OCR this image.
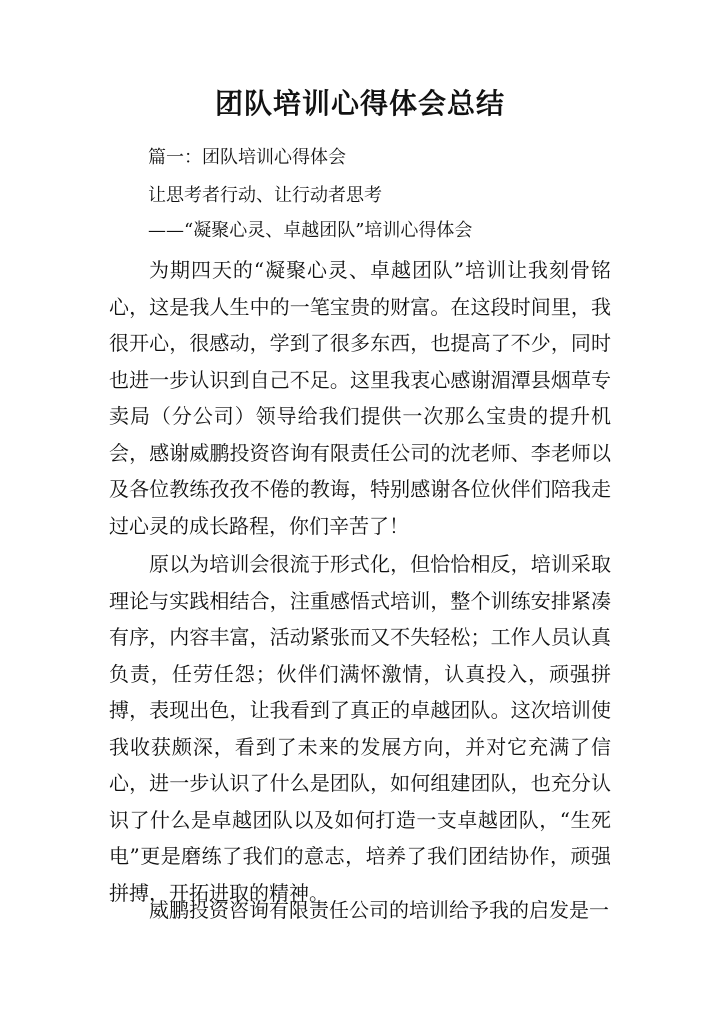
团队培训心得体会总结

篇一：团队培训心得体会

让思考者行动、让行动者思考

——“凝聚心灵、卓越团队”培训心得体会

为期四天的“凝聚心灵、卓越团队”培训让我刻骨铭心，这是我人生中的一笔宝贵的财富。在这段时间里，我很开心，很感动，学到了很多东西，也提高了不少，同时也进一步认识到自己不足。这里我衷心感谢湄潭县烟草专卖局（分公司）领导给我们提供一次那么宝贵的提升机会，感谢威鹏投资咨询有限责任公司的沈老师、李老师以及各位教练孜孜不倦的教诲，特别感谢各位伙伴们陪我走过心灵的成长路程，你们辛苦了！

原以为培训会很流于形式化，但恰恰相反，培训采取理论与实践相结合，注重感悟式培训，整个训练安排紧凑有序，内容丰富，活动紧张而又不失轻松；工作人员认真负责，任劳任怨；伙伴们满怀激情，认真投入，顽强拼搏，表现出色，让我看到了真正的卓越团队。这次培训使我收获颇深，看到了未来的发展方向，并对它充满了信心，进一步认识了什么是团队，如何组建团队，也充分认识了什么是卓越团队以及如何打造一支卓越团队，“生死电”更是磨练了我们的意志，培养了我们团结协作，顽强拼搏，开拓进取的精神。

威鹏投资咨询有限责任公司的培训给予我的启发是一
